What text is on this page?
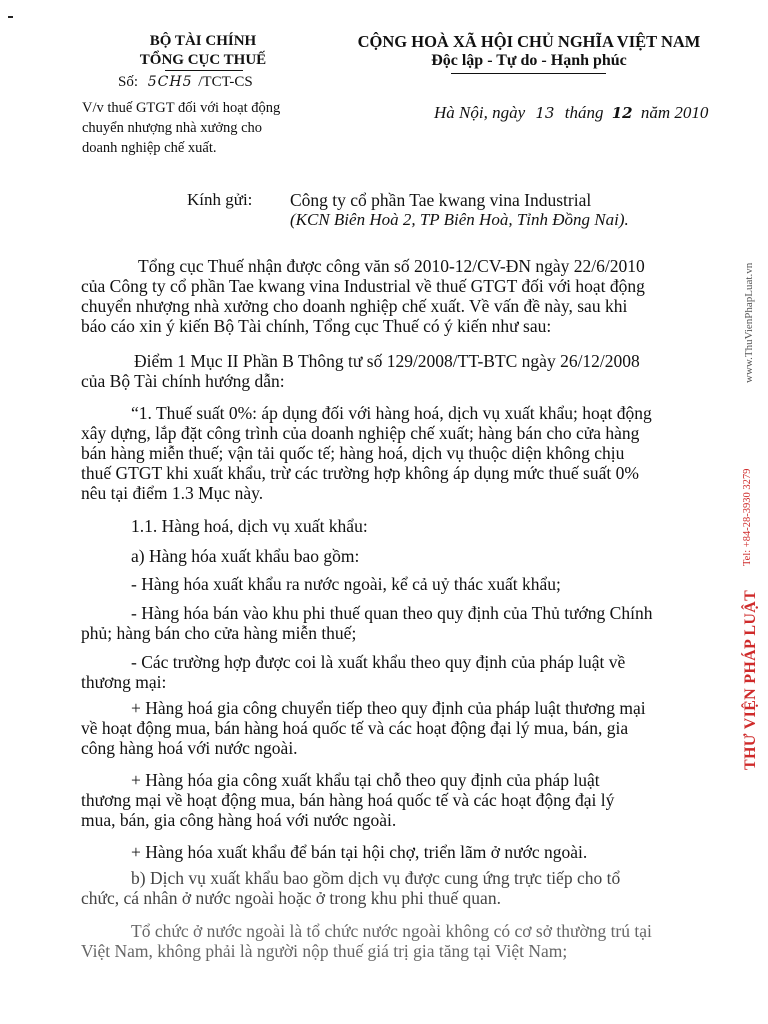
BỘ TÀI CHÍNH
TỔNG CỤC THUẾ
Số: 5CH5 /TCT-CS
V/v thuế GTGT đối với hoạt động
chuyển nhượng nhà xưởng cho
doanh nghiệp chế xuất.
CỘNG HOÀ XÃ HỘI CHỦ NGHĨA VIỆT NAM
Độc lập - Tự do - Hạnh phúc
Hà Nội, ngày 13 tháng 12 năm 2010
Kính gửi: Công ty cổ phần Tae kwang vina Industrial
(KCN Biên Hoà 2, TP Biên Hoà, Tỉnh Đồng Nai).
Tổng cục Thuế nhận được công văn số 2010-12/CV-ĐN ngày 22/6/2010
của Công ty cổ phần Tae kwang vina Industrial về thuế GTGT đối với hoạt động
chuyển nhượng nhà xưởng cho doanh nghiệp chế xuất. Về vấn đề này, sau khi
báo cáo xin ý kiến Bộ Tài chính, Tổng cục Thuế có ý kiến như sau:
Điểm 1 Mục II Phần B Thông tư số 129/2008/TT-BTC ngày 26/12/2008
của Bộ Tài chính hướng dẫn:
“1. Thuế suất 0%: áp dụng đối với hàng hoá, dịch vụ xuất khẩu; hoạt động
xây dựng, lắp đặt công trình của doanh nghiệp chế xuất; hàng bán cho cửa hàng
bán hàng miễn thuế; vận tải quốc tế; hàng hoá, dịch vụ thuộc diện không chịu
thuế GTGT khi xuất khẩu, trừ các trường hợp không áp dụng mức thuế suất 0%
nêu tại điểm 1.3 Mục này.
1.1. Hàng hoá, dịch vụ xuất khẩu:
a) Hàng hóa xuất khẩu bao gồm:
- Hàng hóa xuất khẩu ra nước ngoài, kể cả uỷ thác xuất khẩu;
- Hàng hóa bán vào khu phi thuế quan theo quy định của Thủ tướng Chính
phủ; hàng bán cho cửa hàng miễn thuế;
- Các trường hợp được coi là xuất khẩu theo quy định của pháp luật về
thương mại:
+ Hàng hoá gia công chuyển tiếp theo quy định của pháp luật thương mại
về hoạt động mua, bán hàng hoá quốc tế và các hoạt động đại lý mua, bán, gia
công hàng hoá với nước ngoài.
+ Hàng hóa gia công xuất khẩu tại chỗ theo quy định của pháp luật
thương mại về hoạt động mua, bán hàng hoá quốc tế và các hoạt động đại lý
mua, bán, gia công hàng hoá với nước ngoài.
+ Hàng hóa xuất khẩu để bán tại hội chợ, triển lãm ở nước ngoài.
b) Dịch vụ xuất khẩu bao gồm dịch vụ được cung ứng trực tiếp cho tổ
chức, cá nhân ở nước ngoài hoặc ở trong khu phi thuế quan.
Tổ chức ở nước ngoài là tổ chức nước ngoài không có cơ sở thường trú tại
Việt Nam, không phải là người nộp thuế giá trị gia tăng tại Việt Nam;
THƯ VIỆN PHÁP LUẬT
Tel: +84-28-3930 3279
www.ThuVienPhapLuat.vn
